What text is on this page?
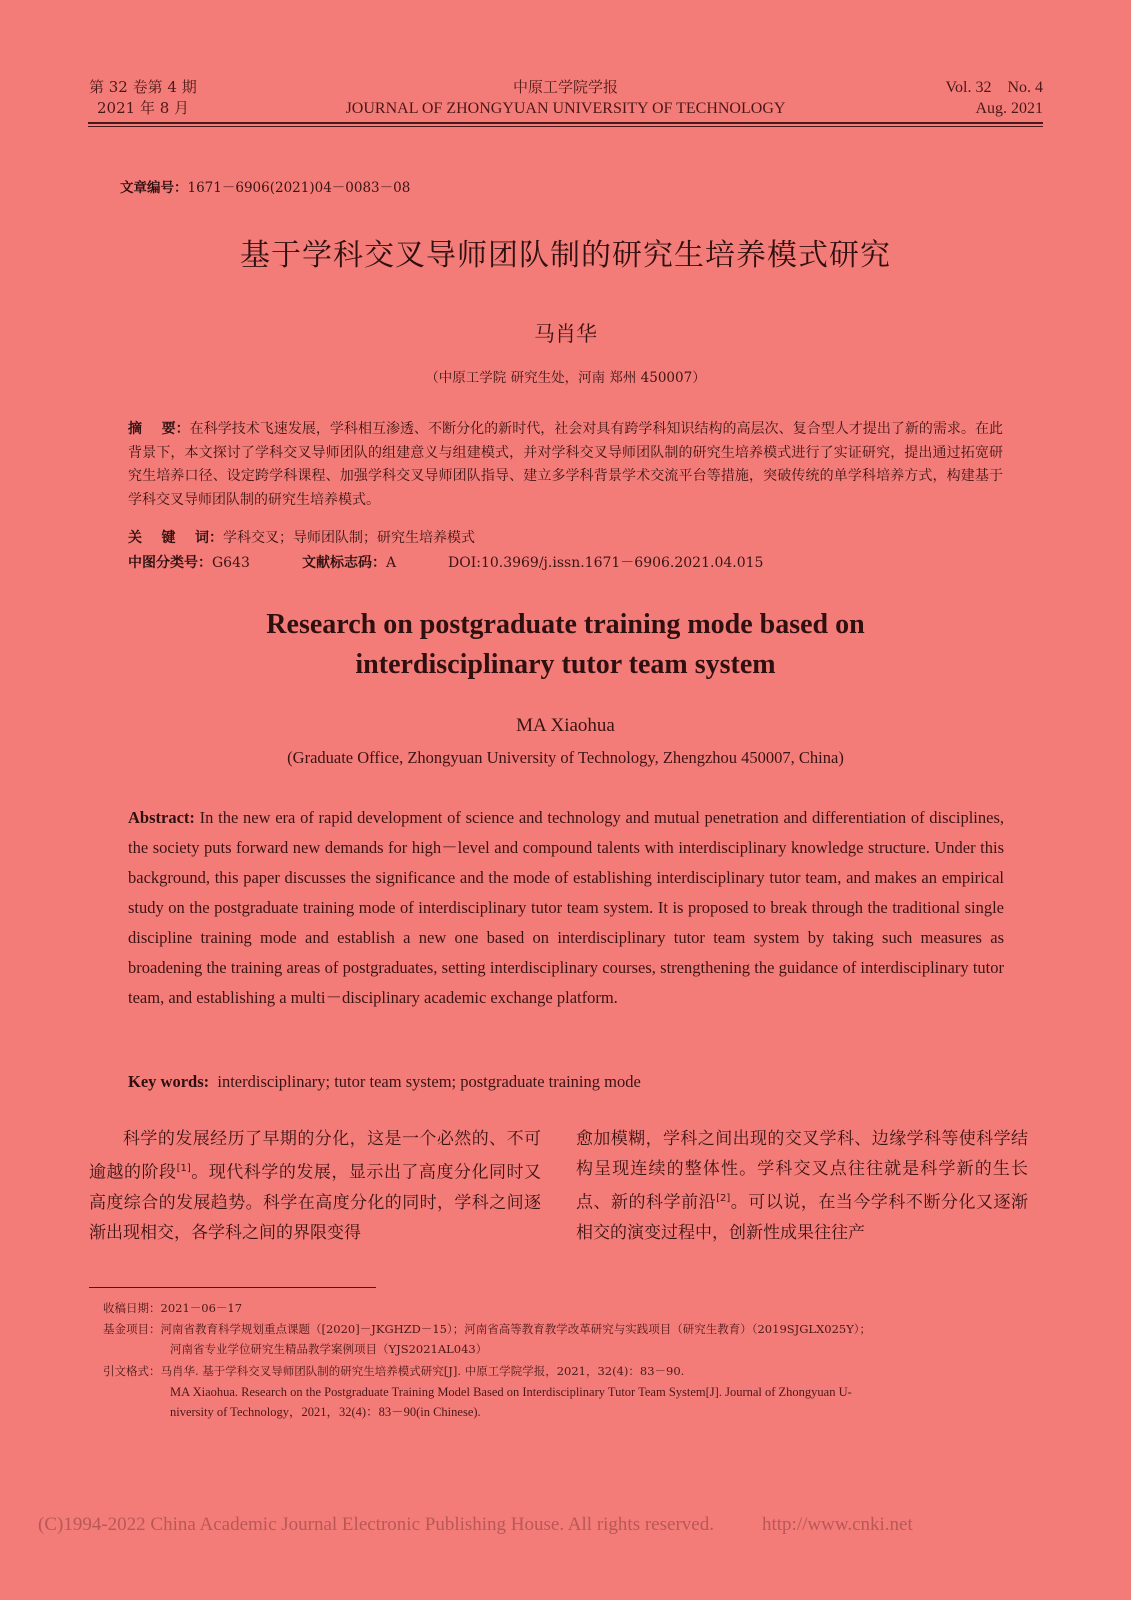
第 32 卷第 4 期
2021 年 8 月
中原工学院学报
JOURNAL OF ZHONGYUAN UNIVERSITY OF TECHNOLOGY
Vol. 32    No. 4
Aug. 2021
文章编号：1671－6906(2021)04－0083－08
基于学科交叉导师团队制的研究生培养模式研究
马肖华
（中原工学院 研究生处，河南 郑州 450007）
摘    要：在科学技术飞速发展，学科相互渗透、不断分化的新时代，社会对具有跨学科知识结构的高层次、复合型人才提出了新的需求。在此背景下，本文探讨了学科交叉导师团队的组建意义与组建模式，并对学科交叉导师团队制的研究生培养模式进行了实证研究，提出通过拓宽研究生培养口径、设定跨学科课程、加强学科交叉导师团队指导、建立多学科背景学术交流平台等措施，突破传统的单学科培养方式，构建基于学科交叉导师团队制的研究生培养模式。
关    键    词：学科交叉；导师团队制；研究生培养模式
中图分类号：G643	文献标志码：A	DOI:10.3969/j.issn.1671－6906.2021.04.015
Research on postgraduate training mode based on
interdisciplinary tutor team system
MA Xiaohua
(Graduate Office, Zhongyuan University of Technology, Zhengzhou 450007, China)
Abstract: In the new era of rapid development of science and technology and mutual penetration and differentiation of disciplines, the society puts forward new demands for high－level and compound talents with interdisciplinary knowledge structure. Under this background, this paper discusses the significance and the mode of establishing interdisciplinary tutor team, and makes an empirical study on the postgraduate training mode of interdisciplinary tutor team system. It is proposed to break through the traditional single discipline training mode and establish a new one based on interdisciplinary tutor team system by taking such measures as broadening the training areas of postgraduates, setting interdisciplinary courses, strengthening the guidance of interdisciplinary tutor team, and establishing a multi－disciplinary academic exchange platform.
Key words: interdisciplinary; tutor team system; postgraduate training mode
科学的发展经历了早期的分化，这是一个必然的、不可逾越的阶段[1]。现代科学的发展，显示出了高度分化同时又高度综合的发展趋势。科学在高度分化的同时，学科之间逐渐出现相交，各学科之间的界限变得
愈加模糊，学科之间出现的交叉学科、边缘学科等使科学结构呈现连续的整体性。学科交叉点往往就是科学新的生长点、新的科学前沿[2]。可以说，在当今学科不断分化又逐渐相交的演变过程中，创新性成果往往产
收稿日期：2021－06－17
基金项目：河南省教育科学规划重点课题（[2020]－JKGHZD－15）；河南省高等教育教学改革研究与实践项目（研究生教育）（2019SJGLX025Y）；
河南省专业学位研究生精品教学案例项目（YJS2021AL043）
引文格式：马肖华. 基于学科交叉导师团队制的研究生培养模式研究[J]. 中原工学院学报，2021，32(4)：83－90.
MA Xiaohua. Research on the Postgraduate Training Model Based on Interdisciplinary Tutor Team System[J]. Journal of Zhongyuan U-
niversity of Technology，2021，32(4)：83－90(in Chinese).
(C)1994-2022 China Academic Journal Electronic Publishing House. All rights reserved.	http://www.cnki.net
